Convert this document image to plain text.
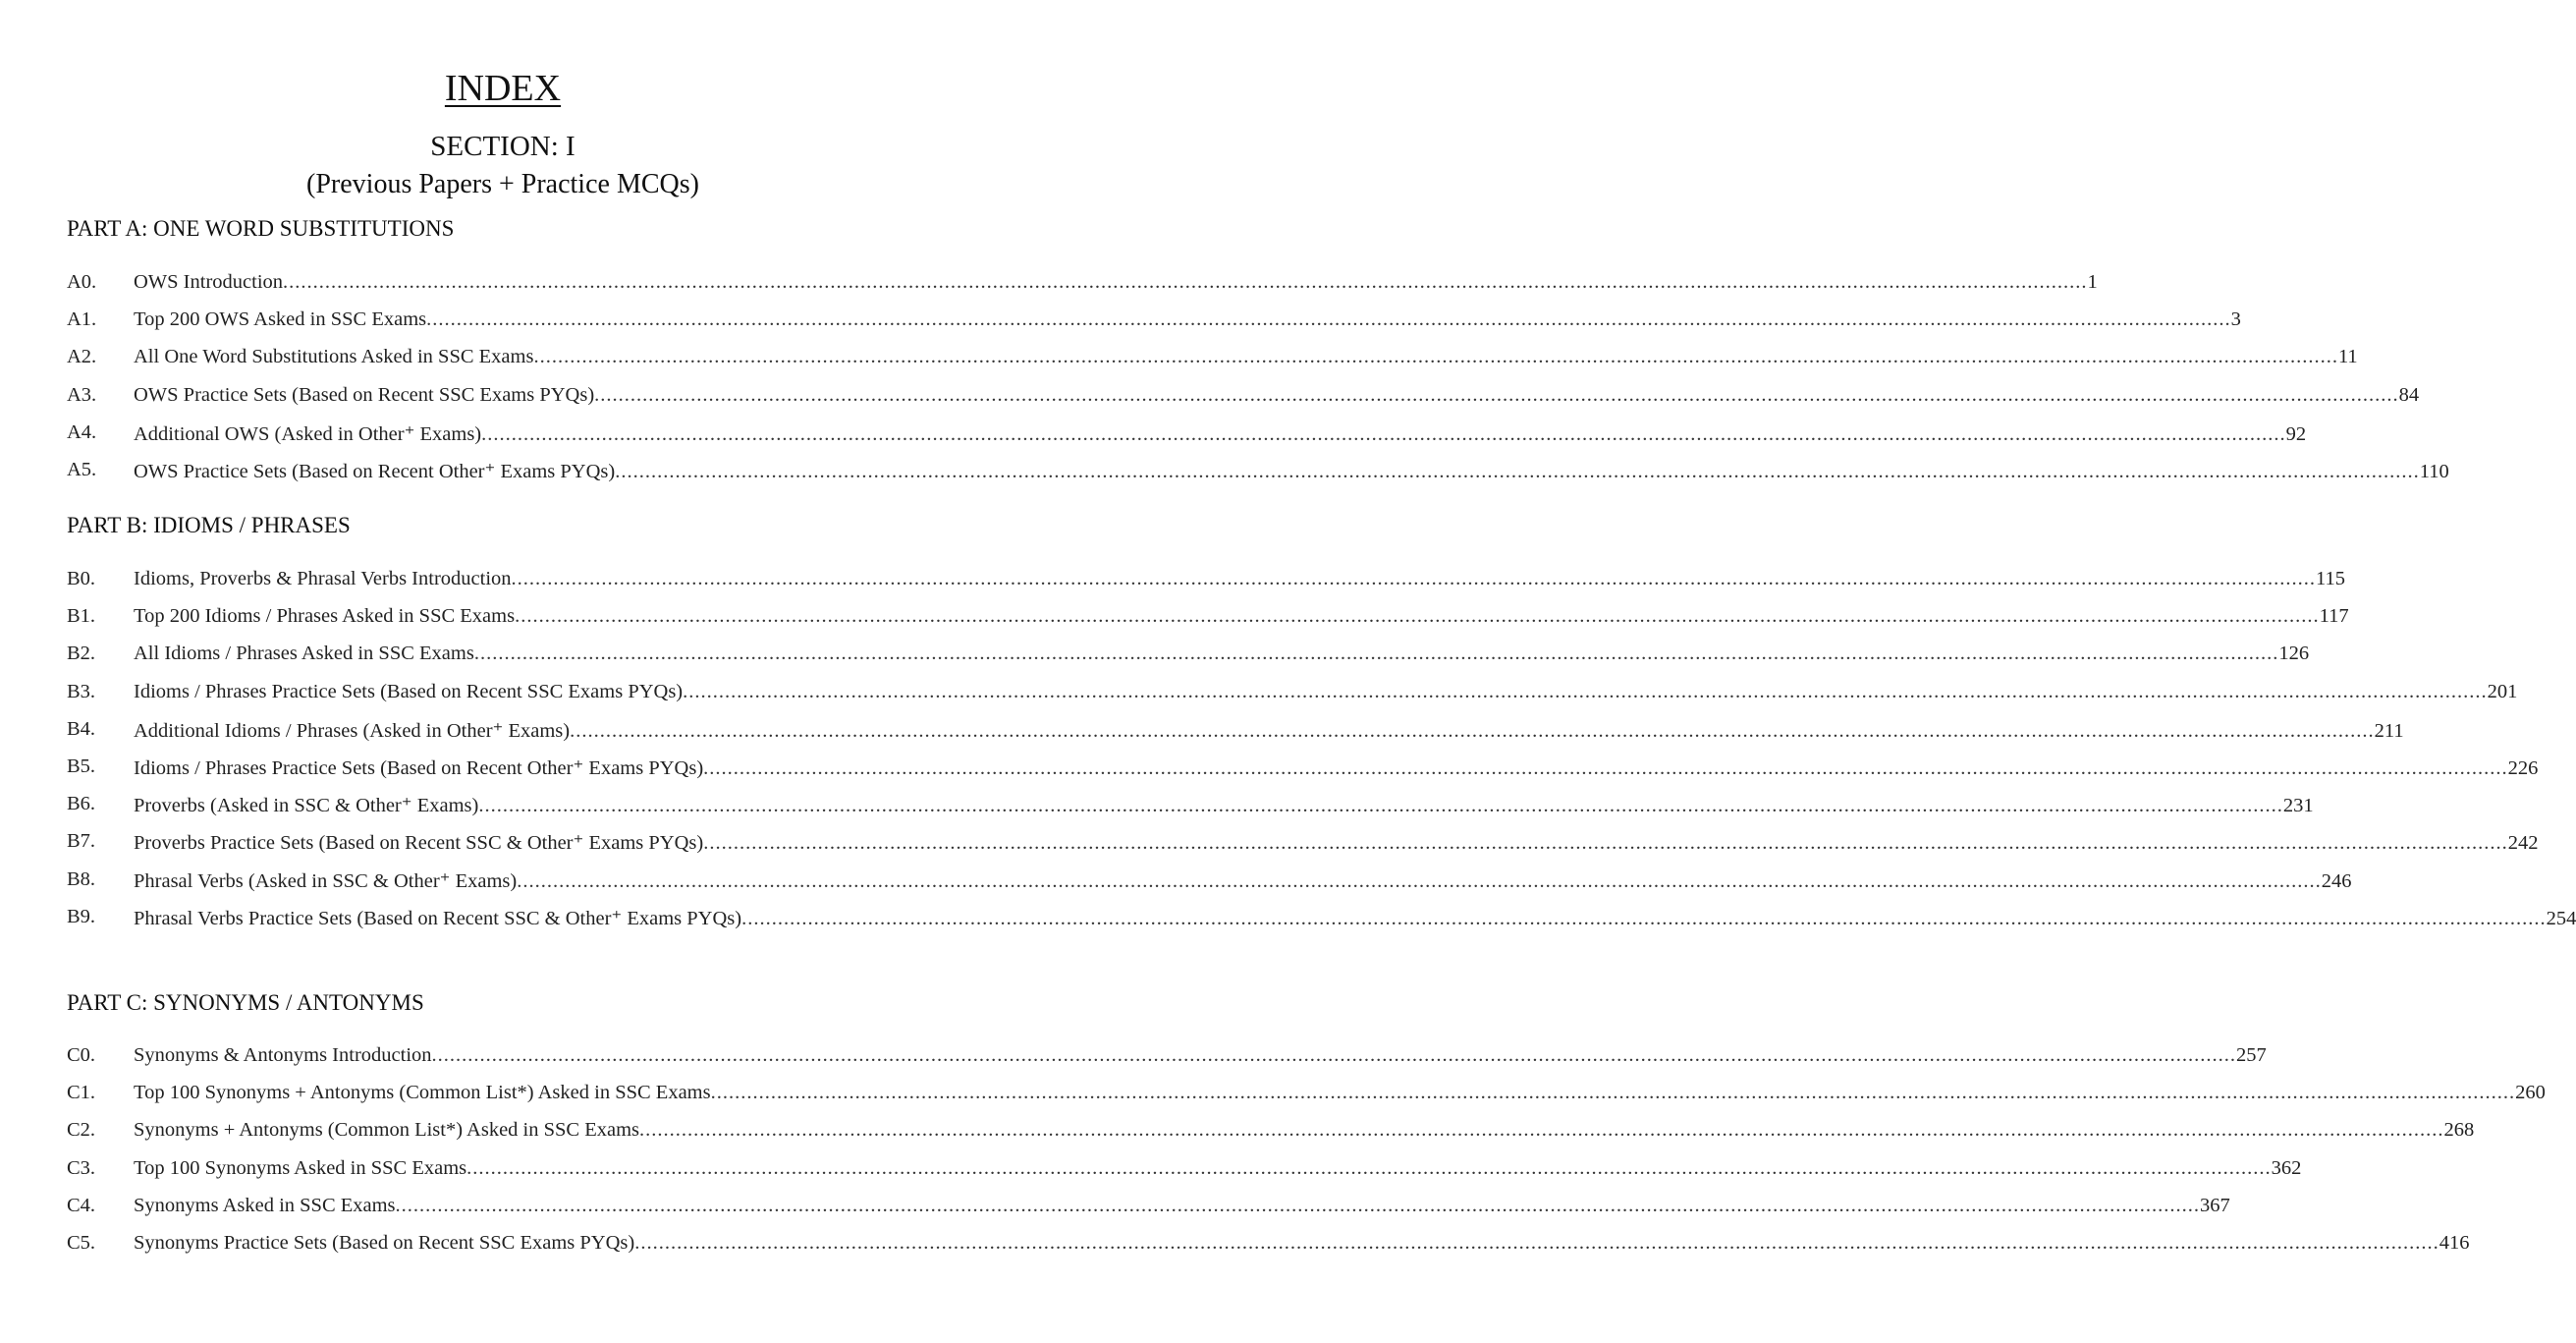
INDEX
SECTION: I
(Previous Papers + Practice MCQs)
PART A: ONE WORD SUBSTITUTIONS
A0. OWS Introduction ............................................................................................................................................................................................................................................................................................................ 1
A1. Top 200 OWS Asked in SSC Exams ............................................................................................................................................................................................................................................................................................................ 3
A2. All One Word Substitutions Asked in SSC Exams ............................................................................................................................................................................................................................................................................................................ 11
A3. OWS Practice Sets (Based on Recent SSC Exams PYQs) ............................................................................................................................................................................................................................................................................................................ 84
A4. Additional OWS (Asked in Other⁺ Exams) ............................................................................................................................................................................................................................................................................................................ 92
A5. OWS Practice Sets (Based on Recent Other⁺ Exams PYQs) ............................................................................................................................................................................................................................................................................................................ 110
PART B: IDIOMS / PHRASES
B0. Idioms, Proverbs & Phrasal Verbs Introduction ............................................................................................................................................................................................................................................................................................................ 115
B1. Top 200 Idioms / Phrases Asked in SSC Exams ............................................................................................................................................................................................................................................................................................................ 117
B2. All Idioms / Phrases Asked in SSC Exams ............................................................................................................................................................................................................................................................................................................ 126
B3. Idioms / Phrases Practice Sets (Based on Recent SSC Exams PYQs) ............................................................................................................................................................................................................................................................................................................ 201
B4. Additional Idioms / Phrases (Asked in Other⁺ Exams) ............................................................................................................................................................................................................................................................................................................ 211
B5. Idioms / Phrases Practice Sets (Based on Recent Other⁺ Exams PYQs) ............................................................................................................................................................................................................................................................................................................ 226
B6. Proverbs (Asked in SSC & Other⁺ Exams) ............................................................................................................................................................................................................................................................................................................ 231
B7. Proverbs Practice Sets (Based on Recent SSC & Other⁺ Exams PYQs) ............................................................................................................................................................................................................................................................................................................ 242
B8. Phrasal Verbs (Asked in SSC & Other⁺ Exams) ............................................................................................................................................................................................................................................................................................................ 246
B9. Phrasal Verbs Practice Sets (Based on Recent SSC & Other⁺ Exams PYQs) ............................................................................................................................................................................................................................................................................................................ 254
PART C: SYNONYMS / ANTONYMS
C0. Synonyms & Antonyms Introduction ............................................................................................................................................................................................................................................................................................................ 257
C1. Top 100 Synonyms + Antonyms (Common List*) Asked in SSC Exams ............................................................................................................................................................................................................................................................................................................ 260
C2. Synonyms + Antonyms (Common List*) Asked in SSC Exams ............................................................................................................................................................................................................................................................................................................ 268
C3. Top 100 Synonyms Asked in SSC Exams ............................................................................................................................................................................................................................................................................................................ 362
C4. Synonyms Asked in SSC Exams ............................................................................................................................................................................................................................................................................................................ 367
C5. Synonyms Practice Sets (Based on Recent SSC Exams PYQs) ............................................................................................................................................................................................................................................................................................................ 416
